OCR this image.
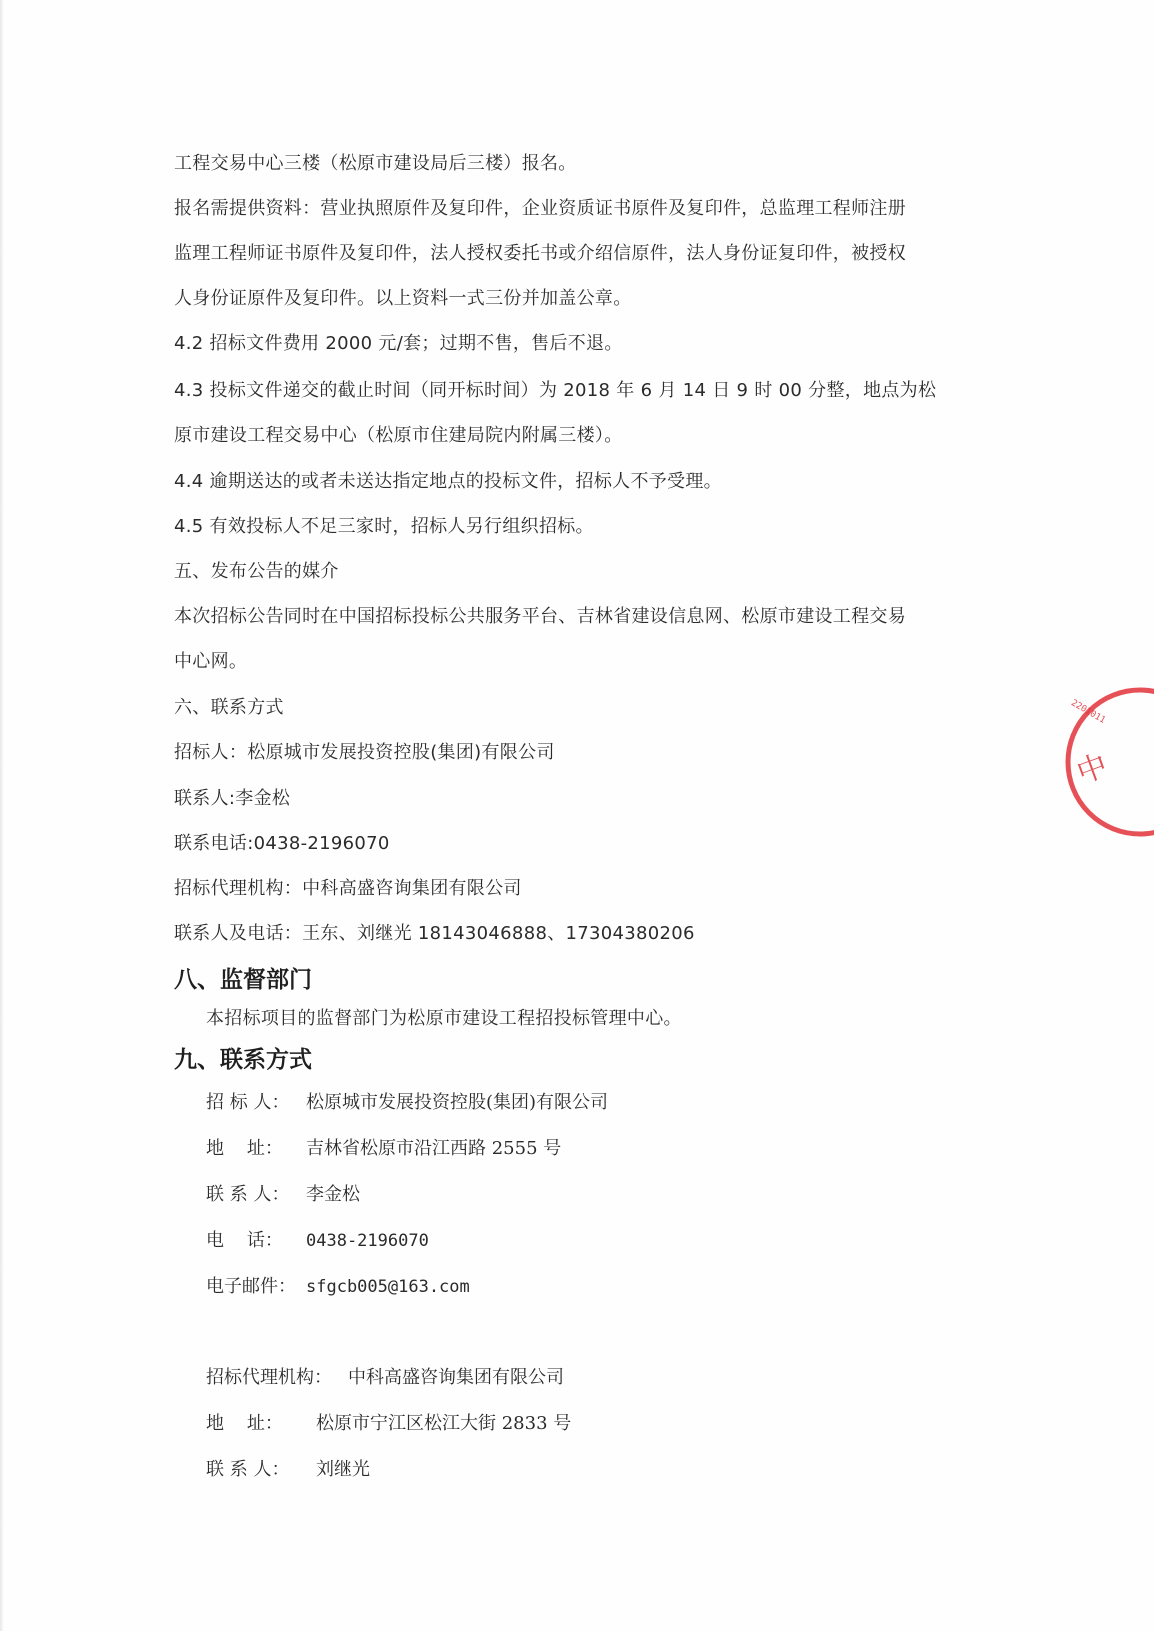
工程交易中心三楼（松原市建设局后三楼）报名。
报名需提供资料：营业执照原件及复印件，企业资质证书原件及复印件，总监理工程师注册
监理工程师证书原件及复印件，法人授权委托书或介绍信原件，法人身份证复印件，被授权
人身份证原件及复印件。以上资料一式三份并加盖公章。
4.2 招标文件费用 2000 元/套；过期不售，售后不退。
4.3 投标文件递交的截止时间（同开标时间）为 2018 年 6 月 14 日 9 时 00 分整，地点为松
原市建设工程交易中心（松原市住建局院内附属三楼）。
4.4 逾期送达的或者未送达指定地点的投标文件，招标人不予受理。
4.5 有效投标人不足三家时，招标人另行组织招标。
五、发布公告的媒介
本次招标公告同时在中国招标投标公共服务平台、吉林省建设信息网、松原市建设工程交易
中心网。
六、联系方式
招标人：松原城市发展投资控股(集团)有限公司
联系人:李金松
联系电话:0438-2196070
招标代理机构：中科高盛咨询集团有限公司
联系人及电话：王东、刘继光 18143046888、17304380206
八、监督部门
本招标项目的监督部门为松原市建设工程招投标管理中心。
九、联系方式
招 标 人： 松原城市发展投资控股(集团)有限公司
地    址： 吉林省松原市沿江西路 2555 号
联 系 人： 李金松
电    话： 0438-2196070
电子邮件： sfgcb005@163.com
招标代理机构： 中科高盛咨询集团有限公司
地    址： 松原市宁江区松江大街 2833 号
联 系 人： 刘继光
中
2201011
